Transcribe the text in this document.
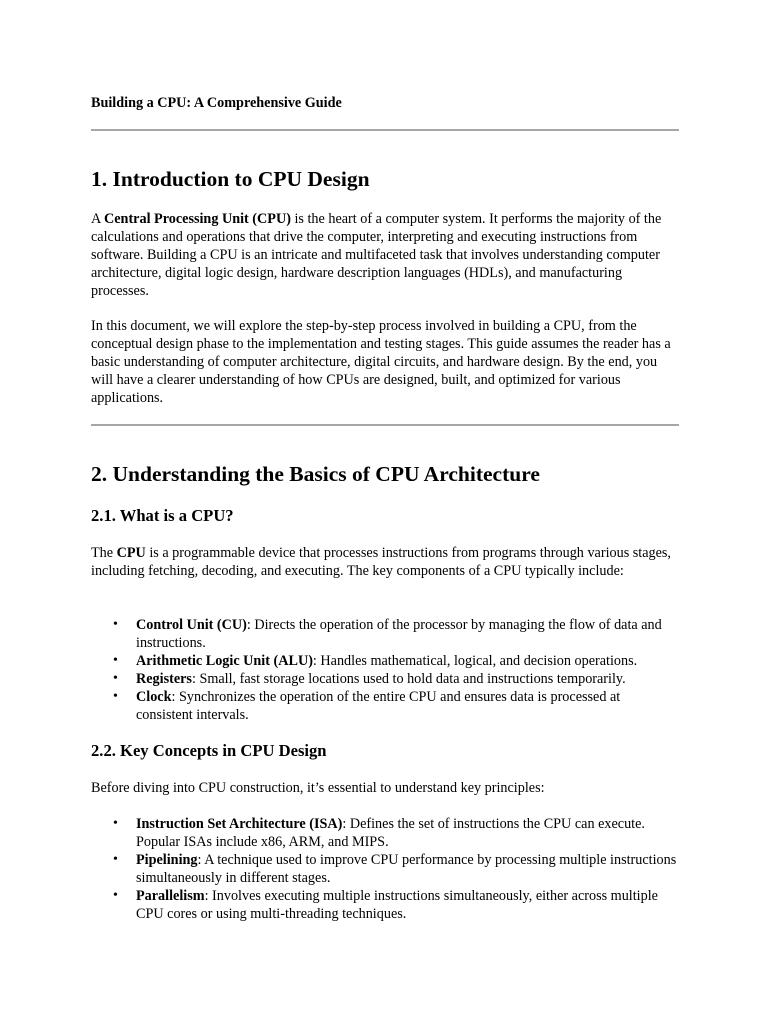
Building a CPU: A Comprehensive Guide
1. Introduction to CPU Design

A Central Processing Unit (CPU) is the heart of a computer system. It performs the majority of the calculations and operations that drive the computer, interpreting and executing instructions from software. Building a CPU is an intricate and multifaceted task that involves understanding computer architecture, digital logic design, hardware description languages (HDLs), and manufacturing processes.

In this document, we will explore the step-by-step process involved in building a CPU, from the conceptual design phase to the implementation and testing stages. This guide assumes the reader has a basic understanding of computer architecture, digital circuits, and hardware design. By the end, you will have a clearer understanding of how CPUs are designed, built, and optimized for various applications.

2. Understanding the Basics of CPU Architecture
2.1. What is a CPU?

The CPU is a programmable device that processes instructions from programs through various stages, including fetching, decoding, and executing. The key components of a CPU typically include:

• Control Unit (CU): Directs the operation of the processor by managing the flow of data and instructions.
• Arithmetic Logic Unit (ALU): Handles mathematical, logical, and decision operations.
• Registers: Small, fast storage locations used to hold data and instructions temporarily.
• Clock: Synchronizes the operation of the entire CPU and ensures data is processed at consistent intervals.
2.2. Key Concepts in CPU Design

Before diving into CPU construction, it’s essential to understand key principles:

• Instruction Set Architecture (ISA): Defines the set of instructions the CPU can execute. Popular ISAs include x86, ARM, and MIPS.
• Pipelining: A technique used to improve CPU performance by processing multiple instructions simultaneously in different stages.
• Parallelism: Involves executing multiple instructions simultaneously, either across multiple CPU cores or using multi-threading techniques.
